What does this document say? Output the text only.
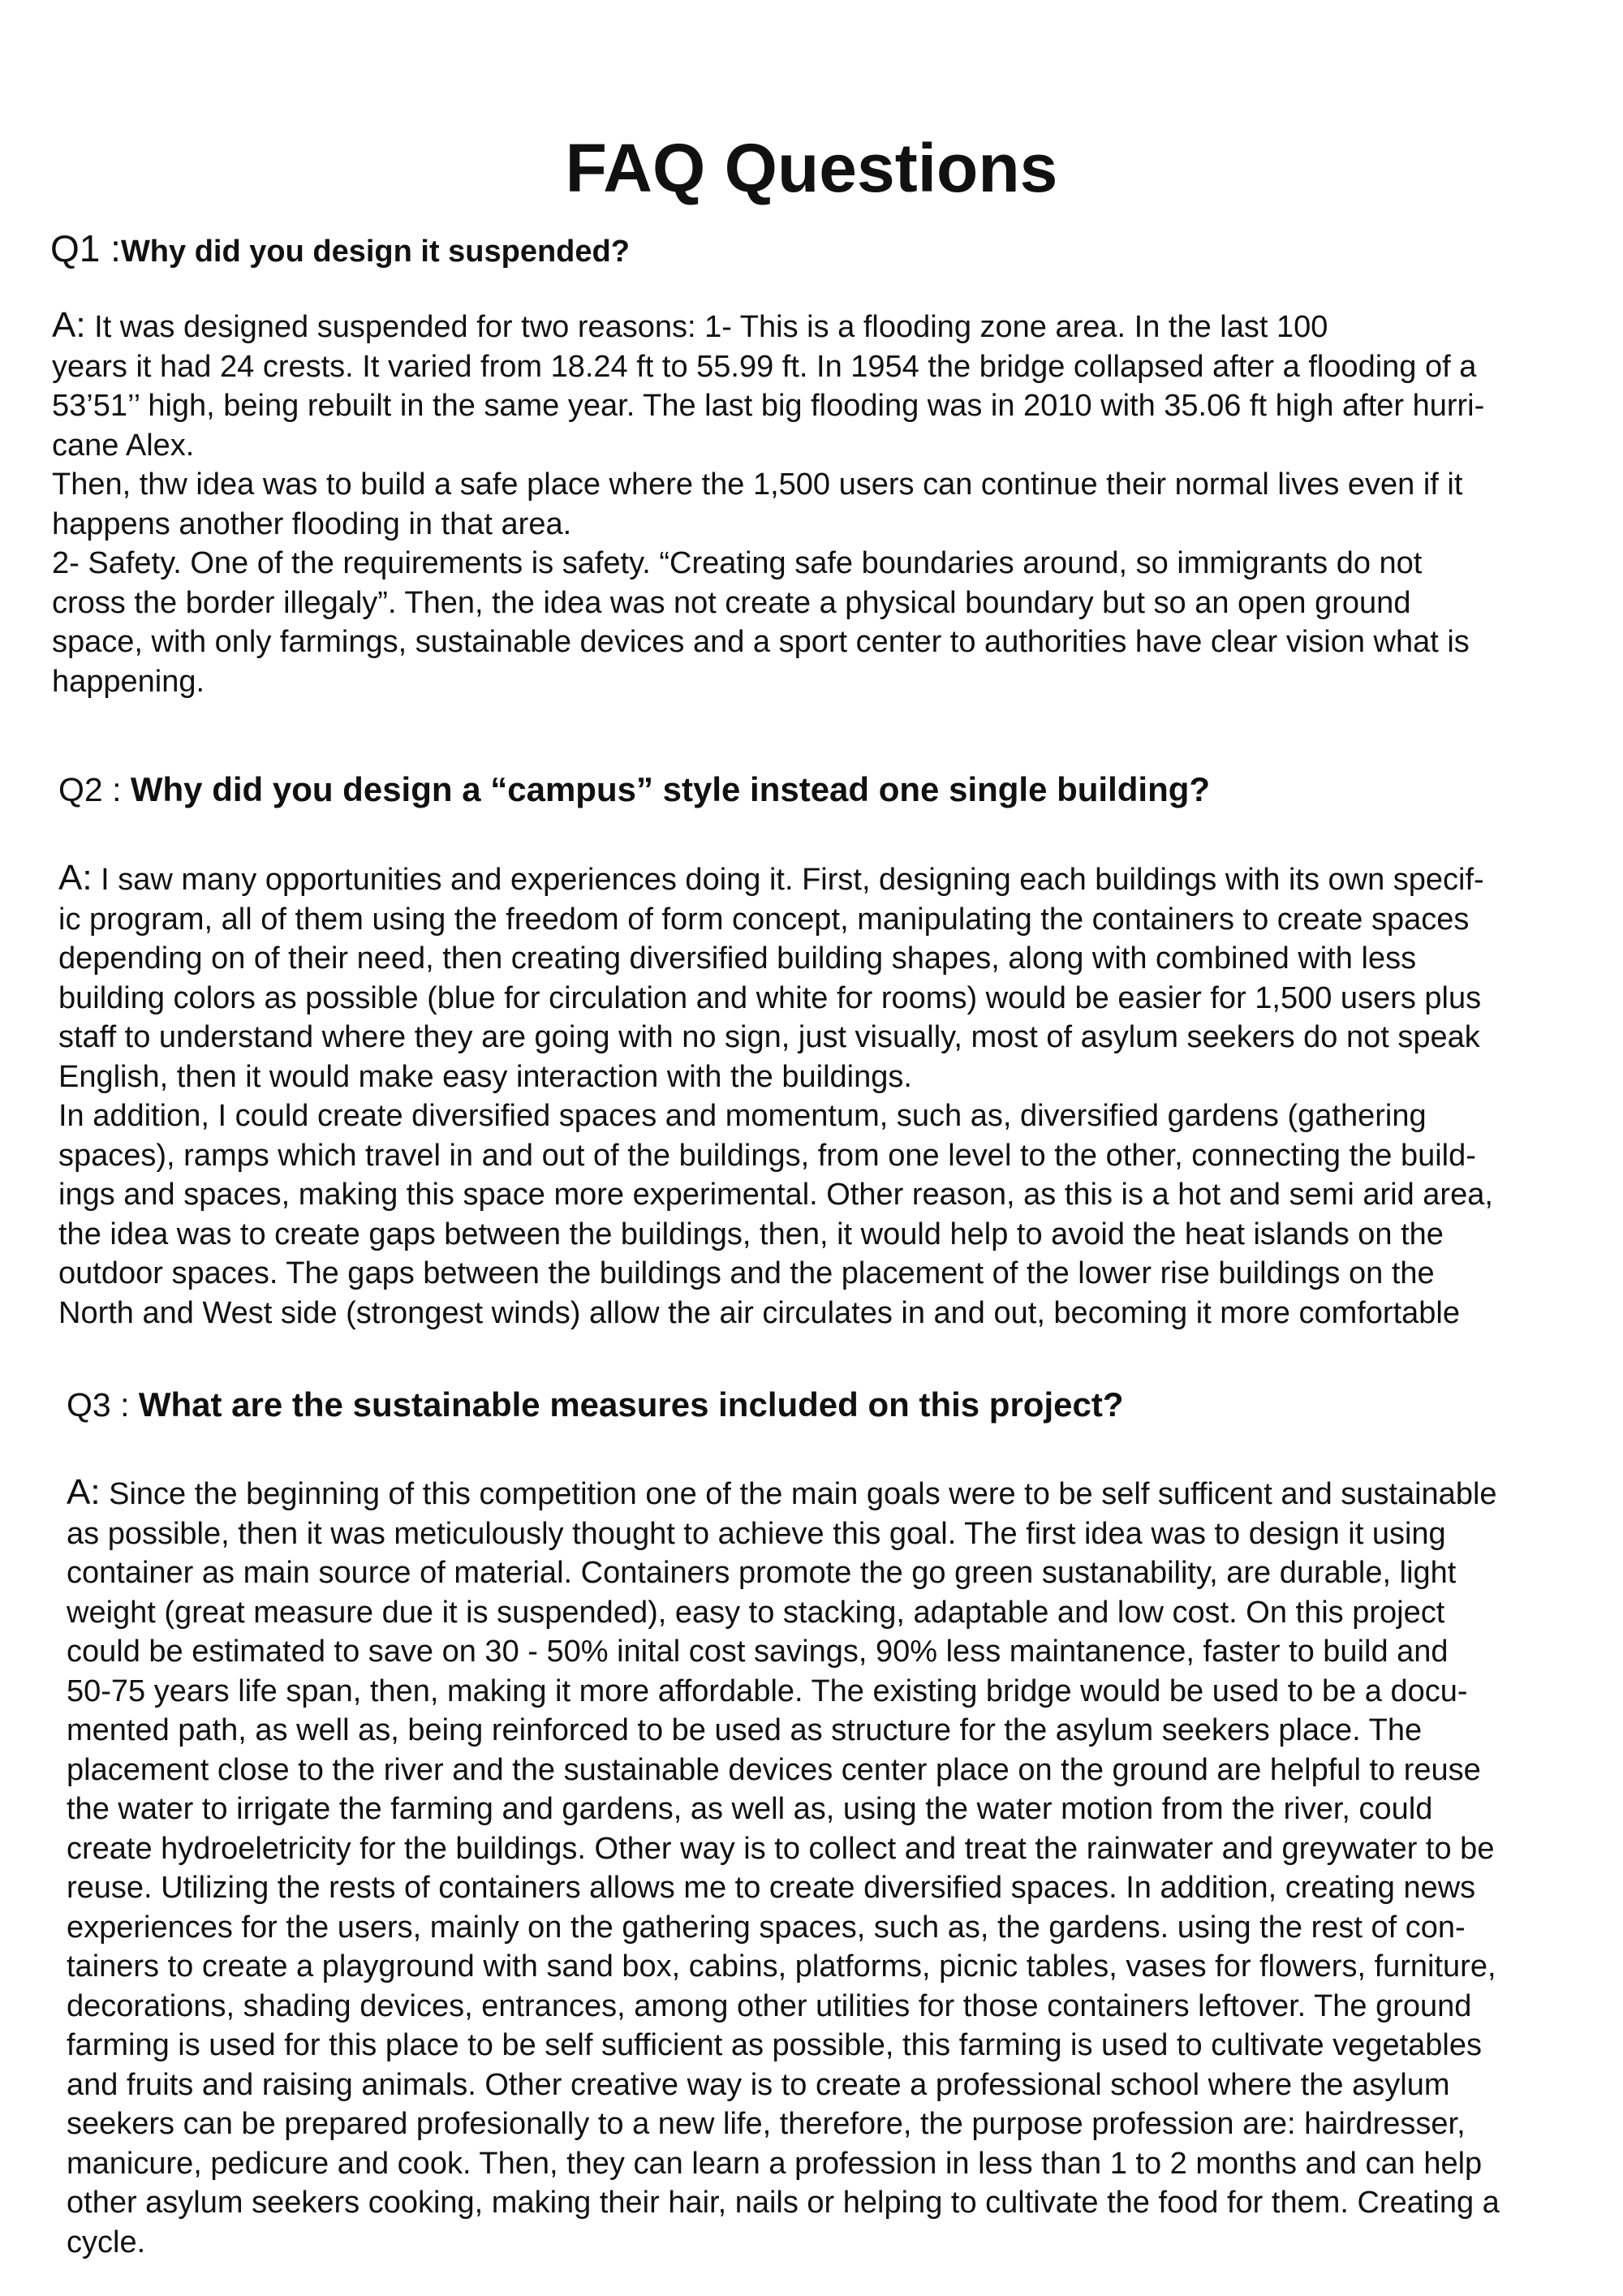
FAQ Questions
Q1 :Why did you design it suspended?
A: It was designed suspended for two reasons: 1- This is a flooding zone area. In the last 100
years it had 24 crests. It varied from 18.24 ft to 55.99 ft. In 1954 the bridge collapsed after a flooding of a
53’51’’ high, being rebuilt in the same year. The last big flooding was in 2010 with 35.06 ft high after hurri-
cane Alex.
Then, thw idea was to build a safe place where the 1,500 users can continue their normal lives even if it
happens another flooding in that area.
2- Safety. One of the requirements is safety. “Creating safe boundaries around, so immigrants do not
cross the border illegaly”. Then, the idea was not create a physical boundary but so an open ground
space, with only farmings, sustainable devices and a sport center to authorities have clear vision what is
happening.
Q2 : Why did you design a “campus” style instead one single building?
A: I saw many opportunities and experiences doing it. First, designing each buildings with its own specif-
ic program, all of them using the freedom of form concept, manipulating the containers to create spaces
depending on of their need, then creating diversified building shapes, along with combined with less
building colors as possible (blue for circulation and white for rooms) would be easier for 1,500 users plus
staff to understand where they are going with no sign, just visually, most of asylum seekers do not speak
English, then it would make easy interaction with the buildings.
In addition, I could create diversified spaces and momentum, such as, diversified gardens (gathering
spaces), ramps which travel in and out of the buildings, from one level to the other, connecting the build-
ings and spaces, making this space more experimental. Other reason, as this is a hot and semi arid area,
the idea was to create gaps between the buildings, then, it would help to avoid the heat islands on the
outdoor spaces. The gaps between the buildings and the placement of the lower rise buildings on the
North and West side (strongest winds) allow the air circulates in and out, becoming it more comfortable
Q3 : What are the sustainable measures included on this project?
A: Since the beginning of this competition one of the main goals were to be self sufficent and sustainable
as possible, then it was meticulously thought to achieve this goal. The first idea was to design it using
container as main source of material. Containers promote the go green sustanability, are durable, light
weight (great measure due it is suspended), easy to stacking, adaptable and low cost. On this project
could be estimated to save on 30 - 50% inital cost savings, 90% less maintanence, faster to build and
50-75 years life span, then, making it more affordable. The existing bridge would be used to be a docu-
mented path, as well as, being reinforced to be used as structure for the asylum seekers place. The
placement close to the river and the sustainable devices center place on the ground are helpful to reuse
the water to irrigate the farming and gardens, as well as, using the water motion from the river, could
create hydroeletricity for the buildings. Other way is to collect and treat the rainwater and greywater to be
reuse. Utilizing the rests of containers allows me to create diversified spaces. In addition, creating news
experiences for the users, mainly on the gathering spaces, such as, the gardens. using the rest of con-
tainers to create a playground with sand box, cabins, platforms, picnic tables, vases for flowers, furniture,
decorations, shading devices, entrances, among other utilities for those containers leftover. The ground
farming is used for this place to be self sufficient as possible, this farming is used to cultivate vegetables
and fruits and raising animals. Other creative way is to create a professional school where the asylum
seekers can be prepared profesionally to a new life, therefore, the purpose profession are: hairdresser,
manicure, pedicure and cook. Then, they can learn a profession in less than 1 to 2 months and can help
other asylum seekers cooking, making their hair, nails or helping to cultivate the food for them. Creating a
cycle.
